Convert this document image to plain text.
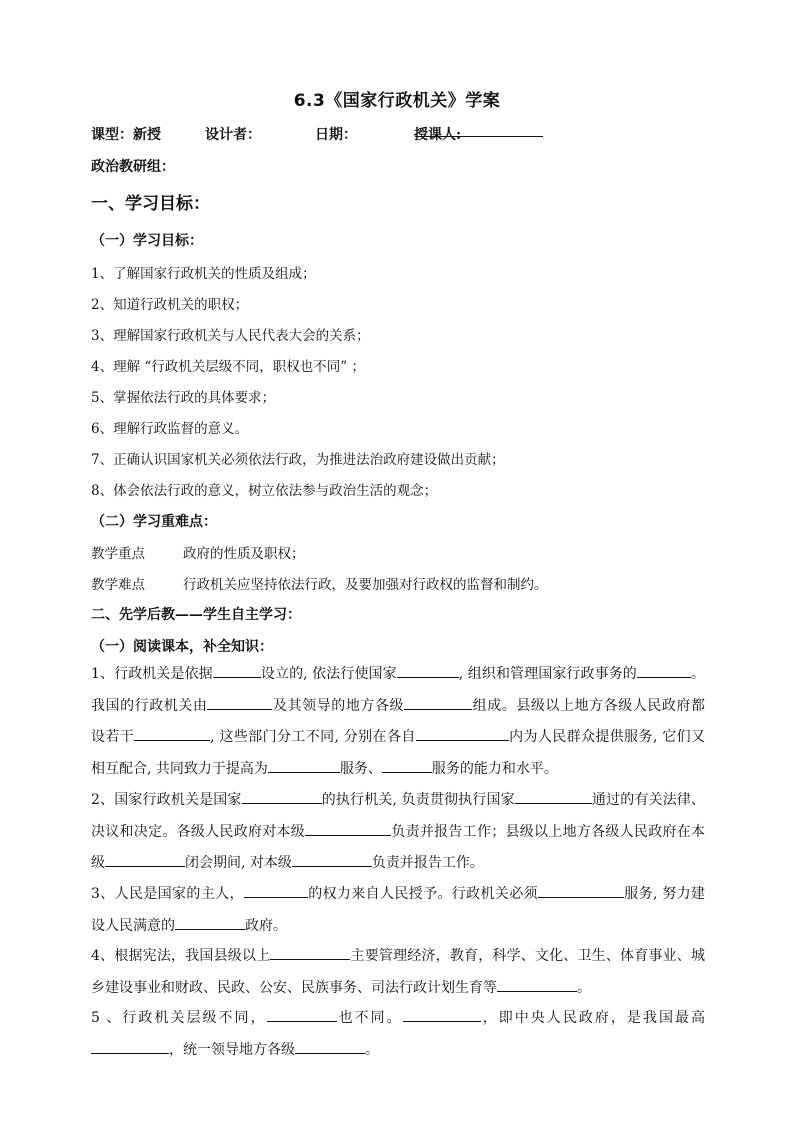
6.3《国家行政机关》学案
课型：新授	设计者：	日期：	授课人:
政治教研组：
一、学习目标：
（一）学习目标：
1、了解国家行政机关的性质及组成；
2、知道行政机关的职权；
3、理解国家行政机关与人民代表大会的关系；
4、理解 “行政机关层级不同，职权也不同” ；
5、掌握依法行政的具体要求；
6、理解行政监督的意义。
7、正确认识国家机关必须依法行政，为推进法治政府建设做出贡献；
8、体会依法行政的意义，树立依法参与政治生活的观念；
（二）学习重难点：
教学重点	政府的性质及职权；
教学难点	行政机关应坚持依法行政，及要加强对行政权的监督和制约。
二、先学后教——学生自主学习：
（一）阅读课本，补全知识：
1、行政机关是依据	设立的, 依法行使国家	, 组织和管理国家行政事务的	。
我国的行政机关由	及其领导的地方各级	组成。县级以上地方各级人民政府都
设若干	, 这些部门分工不同, 分别在各自	内为人民群众提供服务, 它们又
相互配合, 共同致力于提高为	服务、	服务的能力和水平。
2、国家行政机关是国家	的执行机关, 负责贯彻执行国家	通过的有关法律、
决议和决定。各级人民政府对本级	负责并报告工作；县级以上地方各级人民政府在本
级	闭会期间, 对本级	负责并报告工作。
3、人民是国家的主人，	的权力来自人民授予。行政机关必须	服务, 努力建
设人民满意的	政府。
4、根据宪法，我国县级以上	主要管理经济，教育，科学、文化、卫生、体育事业、城
乡建设事业和财政、民政、公安、民族事务、司法行政计划生育等	。
5 、行政机关层级不同，	也不同。	，即中央人民政府，是我国最高
，统一领导地方各级	。
